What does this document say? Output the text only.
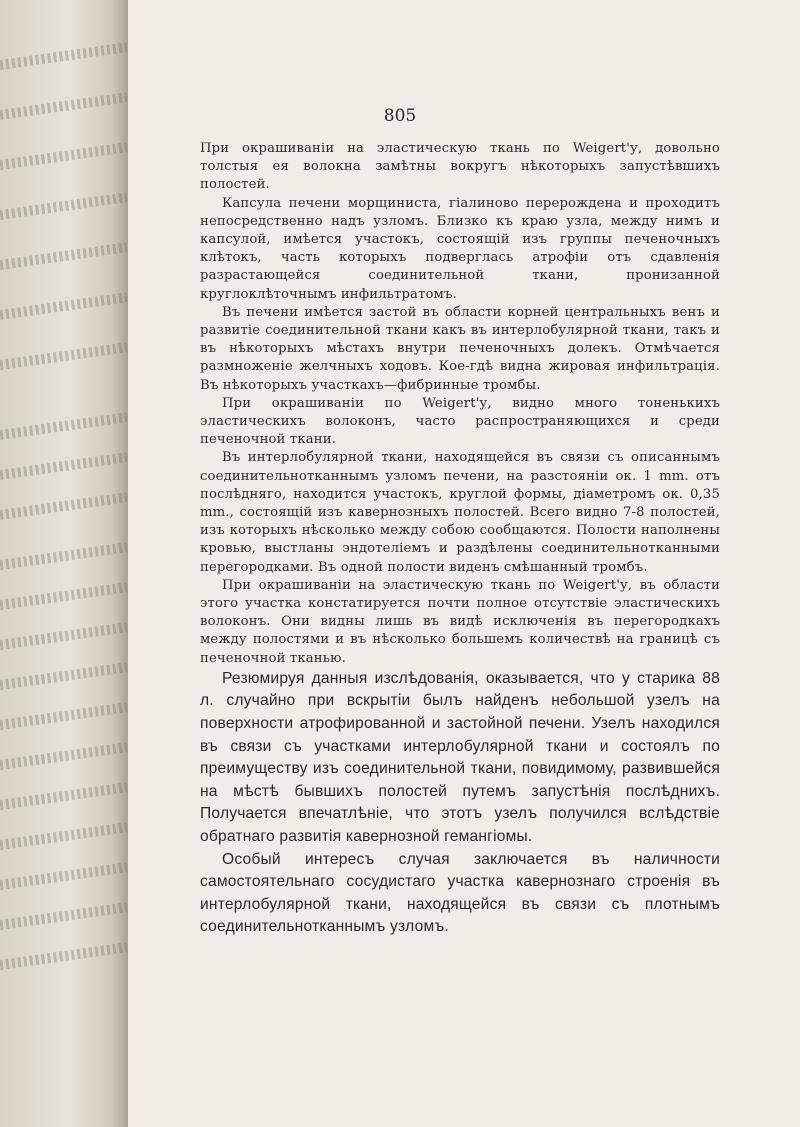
805

При окрашиваніи на эластическую ткань по Weigert'у, довольно толстыя ея волокна замѣтны вокругъ нѣкоторыхъ запустѣвшихъ полостей.

Капсула печени морщиниста, гіалиново перерождена и проходитъ непосредственно надъ узломъ. Близко къ краю узла, между нимъ и капсулой, имѣется участокъ, состоящій изъ группы печеночныхъ клѣтокъ, часть которыхъ подверглась атрофіи отъ сдавленія разрастающейся соединительной ткани, пронизанной круглоклѣточнымъ инфильтратомъ.

Въ печени имѣется застой въ области корней центральныхъ венъ и развитіе соединительной ткани какъ въ интерлобулярной ткани, такъ и въ нѣкоторыхъ мѣстахъ внутри печеночныхъ долекъ. Отмѣчается размноженіе желчныхъ ходовъ. Кое-гдѣ видна жировая инфильтрація. Въ нѣкоторыхъ участкахъ—фибринные тромбы.

При окрашиваніи по Weigert'у, видно много тоненькихъ эластическихъ волоконъ, часто распространяющихся и среди печеночной ткани.

Въ интерлобулярной ткани, находящейся въ связи съ описаннымъ соединительнотканнымъ узломъ печени, на разстояніи ок. 1 mm. отъ послѣдняго, находится участокъ, круглой формы, діаметромъ ок. 0,35 mm., состоящій изъ кавернозныхъ полостей. Всего видно 7-8 полостей, изъ которыхъ нѣсколько между собою сообщаются. Полости наполнены кровью, выстланы эндотеліемъ и раздѣлены соединительнотканными перегородками. Въ одной полости виденъ смѣшанный тромбъ.

При окрашиваніи на эластическую ткань по Weigert'у, въ области этого участка констатируется почти полное отсутствіе эластическихъ волоконъ. Они видны лишь въ видѣ исключенія въ перегородкахъ между полостями и въ нѣсколько большемъ количествѣ на границѣ съ печеночной тканью.

Резюмируя данныя изслѣдованія, оказывается, что у старика 88 л. случайно при вскрытіи былъ найденъ небольшой узелъ на поверхности атрофированной и застойной печени. Узелъ находился въ связи съ участками интерлобулярной ткани и состоялъ по преимуществу изъ соединительной ткани, повидимому, развившейся на мѣстѣ бывшихъ полостей путемъ запустѣнія послѣднихъ. Получается впечатлѣніе, что этотъ узелъ получился вслѣдствіе обратнаго развитія кавернозной гемангіомы.

Особый интересъ случая заключается въ наличности самостоятельнаго сосудистаго участка кавернознаго строенія въ интерлобулярной ткани, находящейся въ связи съ плотнымъ соединительнотканнымъ узломъ.
